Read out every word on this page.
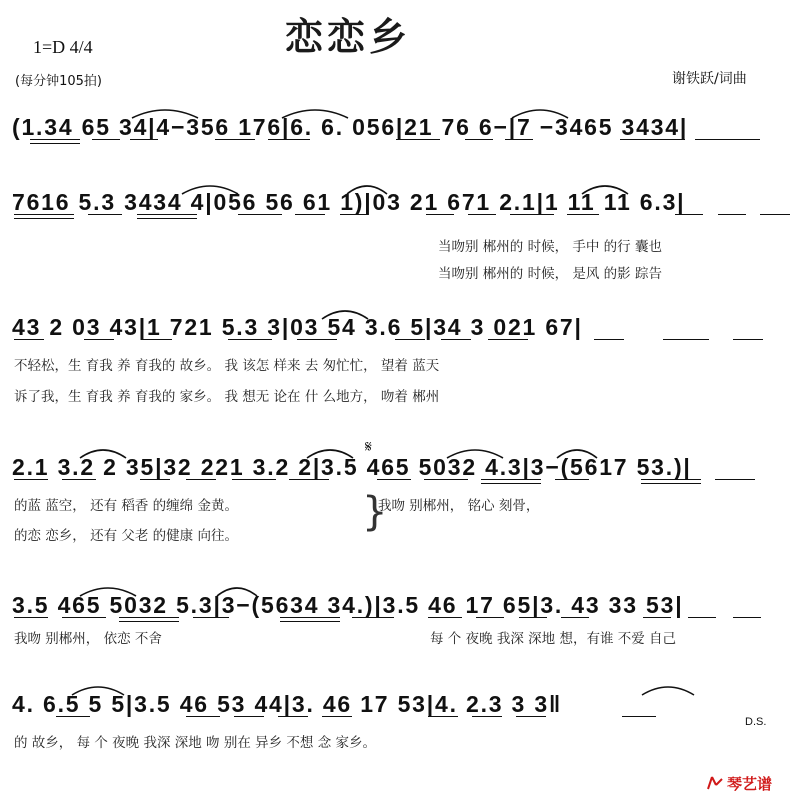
恋恋乡
1=D 4/4
(每分钟105拍)	谢铁跃/词曲
(1.34 65 34|4−356 176|6. 6. 056|21 76 6−|7 −3465 3434|
7616 5.3 3434 4|056 56 61 1)|03 21 671 2.1|1 11 11 6.3|
当吻别 郴州的 时候， 手中 的行 囊也
当吻别 郴州的 时候， 是风 的影 踪告
43 2 03 43|1 721 5.3 3|03 54 3.6 5|34 3 021 67|
不轻松，生 育我 养 育我的 故乡。 我 该怎 样来 去 匆忙忙， 望着 蓝天
诉了我，生 育我 养 育我的 家乡。 我 想无 论在 什 么地方， 吻着 郴州
𝄋
2.1 3.2 2 35|32 221 3.2 2|3.5 465 5032 4.3|3−(5617 53.)|
的蓝 蓝空， 还有 稻香 的缠绵 金黄。
的恋 恋乡， 还有 父老 的健康 向往。
}
我吻 别郴州， 铭心 刻骨，
3.5 465 5032 5.3|3−(5634 34.)|3.5 46 17 65|3. 43 33 53|
我吻 别郴州， 依恋 不舍	每 个 夜晚 我深 深地 想，有谁 不爱 自己
4. 6.5 5 5|3.5 46 53 44|3. 46 17 53|4. 2.3 3 3‖
D.S.
的 故乡， 每 个 夜晚 我深 深地 吻 别在 异乡 不想 念 家乡。
琴艺谱
